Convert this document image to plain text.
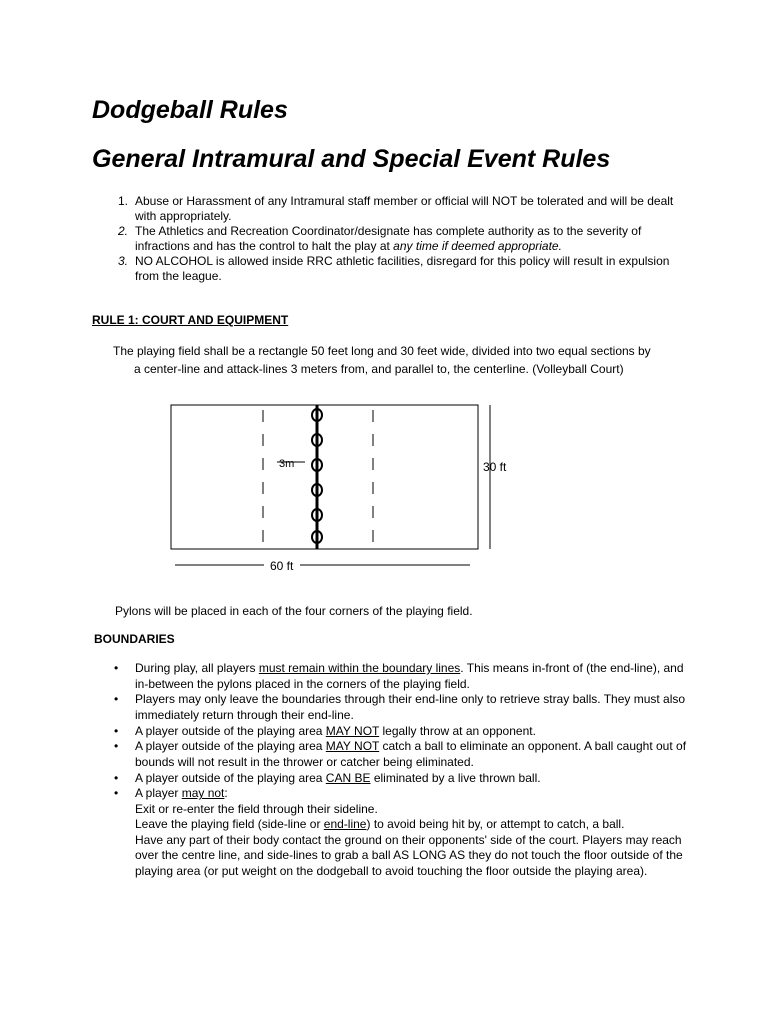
Dodgeball Rules
General Intramural and Special Event Rules
1. Abuse or Harassment of any Intramural staff member or official will NOT be tolerated and will be dealt with appropriately.
2. The Athletics and Recreation Coordinator/designate has complete authority as to the severity of infractions and has the control to halt the play at any time if deemed appropriate.
3. NO ALCOHOL is allowed inside RRC athletic facilities, disregard for this policy will result in expulsion from the league.
RULE 1: COURT AND EQUIPMENT

The playing field shall be a rectangle 50 feet long and 30 feet wide, divided into two equal sections by
a center-line and attack-lines 3 meters from, and parallel to, the centerline. (Volleyball Court)

3m	30 ft
60 ft

Pylons will be placed in each of the four corners of the playing field.

BOUNDARIES
• During play, all players must remain within the boundary lines. This means in-front of (the end-line), and in-between the pylons placed in the corners of the playing field.
• Players may only leave the boundaries through their end-line only to retrieve stray balls. They must also immediately return through their end-line.
• A player outside of the playing area MAY NOT legally throw at an opponent.
• A player outside of the playing area MAY NOT catch a ball to eliminate an opponent. A ball caught out of bounds will not result in the thrower or catcher being eliminated.
• A player outside of the playing area CAN BE eliminated by a live thrown ball.
• A player may not:
Exit or re-enter the field through their sideline.
Leave the playing field (side-line or end-line) to avoid being hit by, or attempt to catch, a ball.
Have any part of their body contact the ground on their opponents' side of the court. Players may reach over the centre line, and side-lines to grab a ball AS LONG AS they do not touch the floor outside of the playing area (or put weight on the dodgeball to avoid touching the floor outside the playing area).
